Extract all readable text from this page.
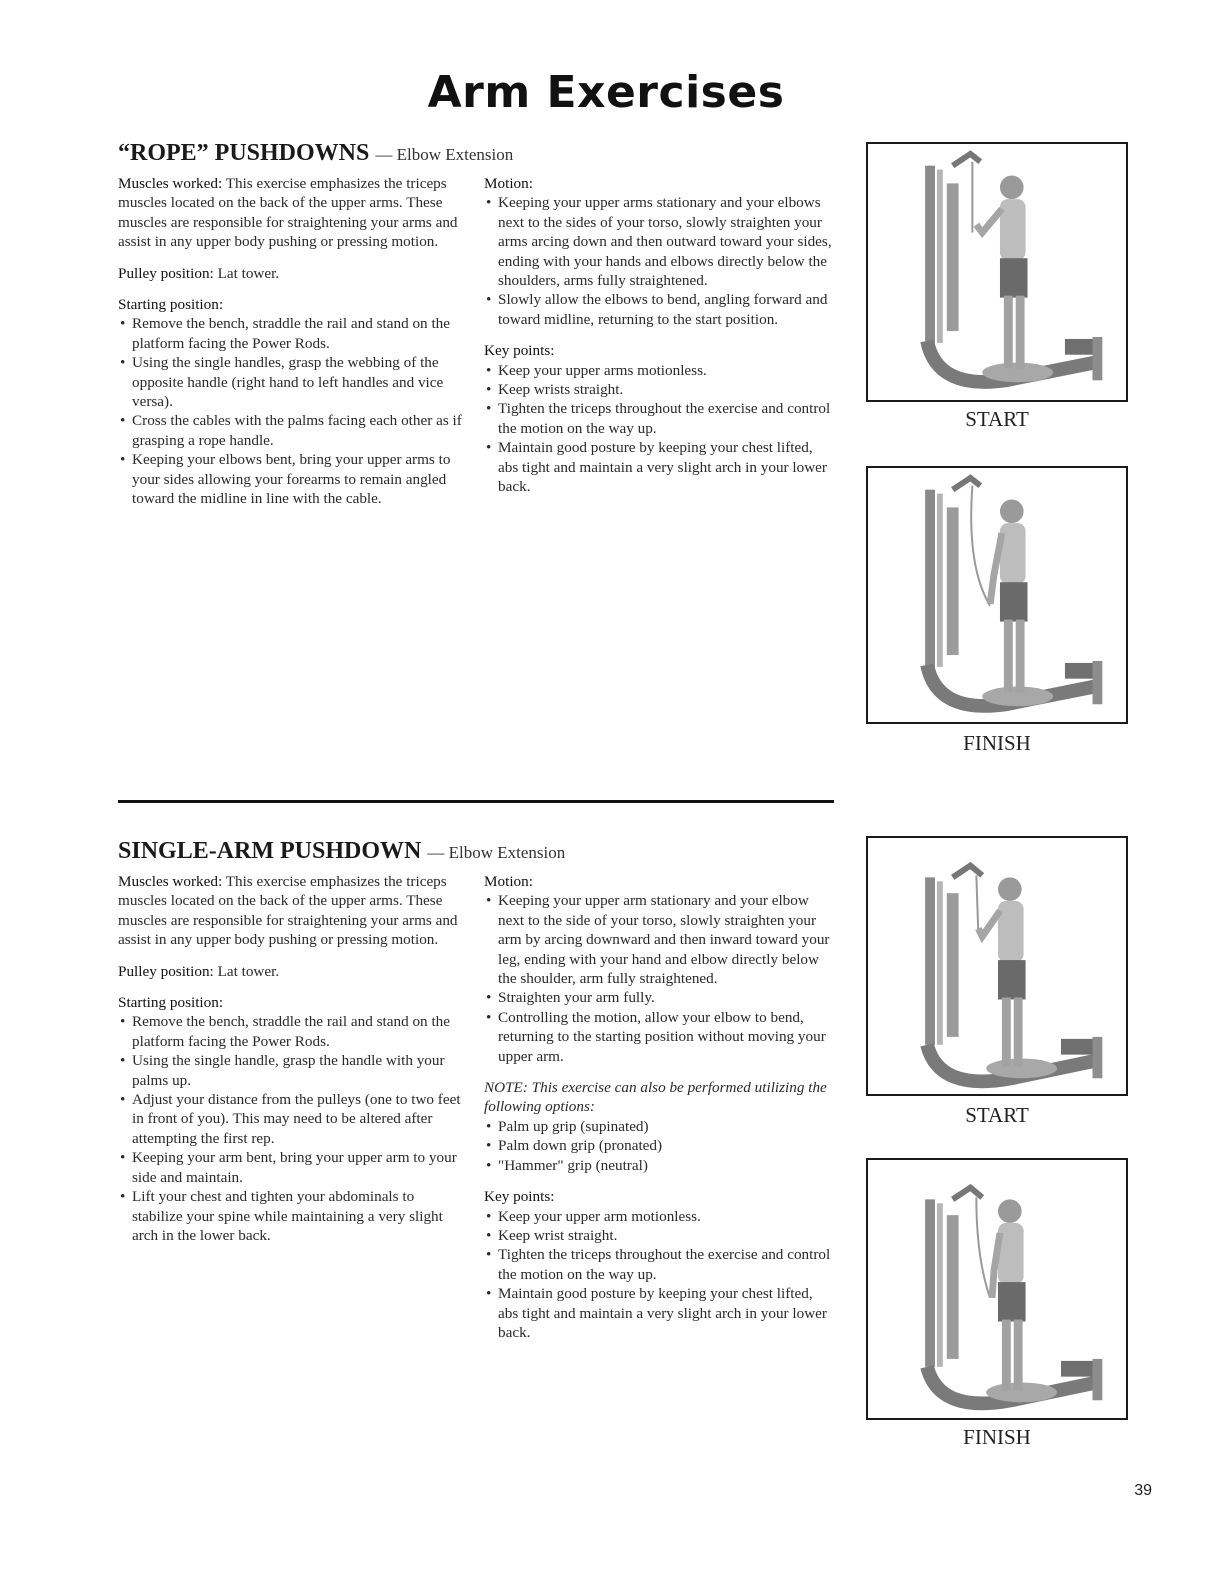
Arm Exercises
“ROPE” PUSHDOWNS — Elbow Extension

Muscles worked: This exercise emphasizes the triceps muscles located on the back of the upper arms. These muscles are responsible for straightening your arms and assist in any upper body pushing or pressing motion.

Pulley position: Lat tower.

Starting position:

• Remove the bench, straddle the rail and stand on the platform facing the Power Rods.
• Using the single handles, grasp the webbing of the opposite handle (right hand to left handles and vice versa).
• Cross the cables with the palms facing each other as if grasping a rope handle.
• Keeping your elbows bent, bring your upper arms to your sides allowing your forearms to remain angled toward the midline in line with the cable.

Motion:

• Keeping your upper arms stationary and your elbows next to the sides of your torso, slowly straighten your arms arcing down and then outward toward your sides, ending with your hands and elbows directly below the shoulders, arms fully straightened.
• Slowly allow the elbows to bend, angling forward and toward midline, returning to the start position.

Key points:

• Keep your upper arms motionless.
• Keep wrists straight.
• Tighten the triceps throughout the exercise and control the motion on the way up.
• Maintain good posture by keeping your chest lifted, abs tight and maintain a very slight arch in your lower back.
START
FINISH
SINGLE-ARM PUSHDOWN — Elbow Extension

Muscles worked: This exercise emphasizes the triceps muscles located on the back of the upper arms. These muscles are responsible for straightening your arms and assist in any upper body pushing or pressing motion.

Pulley position: Lat tower.

Starting position:

• Remove the bench, straddle the rail and stand on the platform facing the Power Rods.
• Using the single handle, grasp the handle with your palms up.
• Adjust your distance from the pulleys (one to two feet in front of you). This may need to be altered after attempting the first rep.
• Keeping your arm bent, bring your upper arm to your side and maintain.
• Lift your chest and tighten your abdominals to stabilize your spine while maintaining a very slight arch in the lower back.

Motion:

• Keeping your upper arm stationary and your elbow next to the side of your torso, slowly straighten your arm by arcing downward and then inward toward your leg, ending with your hand and elbow directly below the shoulder, arm fully straightened.
• Straighten your arm fully.
• Controlling the motion, allow your elbow to bend, returning to the starting position without moving your upper arm.

NOTE: This exercise can also be performed utilizing the following options:

• Palm up grip (supinated)
• Palm down grip (pronated)
• "Hammer" grip (neutral)

Key points:

• Keep your upper arm motionless.
• Keep wrist straight.
• Tighten the triceps throughout the exercise and control the motion on the way up.
• Maintain good posture by keeping your chest lifted, abs tight and maintain a very slight arch in your lower back.
START
FINISH
39
